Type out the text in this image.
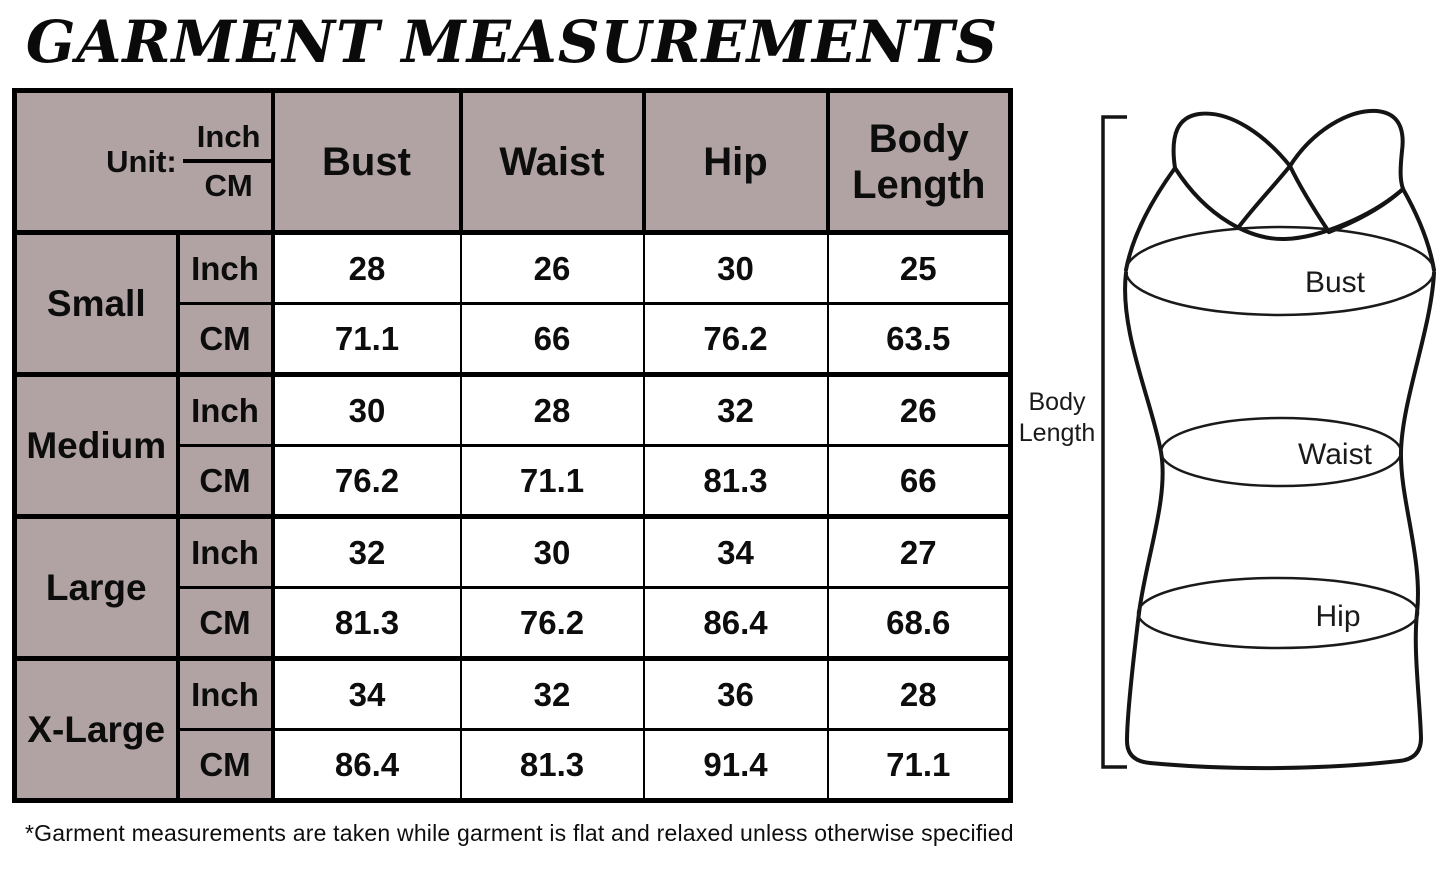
GARMENT MEASUREMENTS
Unit: $\frac{\text{Inch}}{CM}$		Bust	Waist	Hip	Body Length
Small	Inch	28	26	30	25
	CM	71.1	66	76.2	63.5
Medium	Inch	30	28	32	26
	CM	76.2	71.1	81.3	66
Large	Inch	32	30	34	27
	CM	81.3	76.2	86.4	68.6
X-Large	Inch	34	32	36	28
	CM	86.4	81.3	91.4	71.1
*Garment measurements are taken while garment is flat and relaxed unless otherwise specified
Body
Length
Bust
Waist
Hip
